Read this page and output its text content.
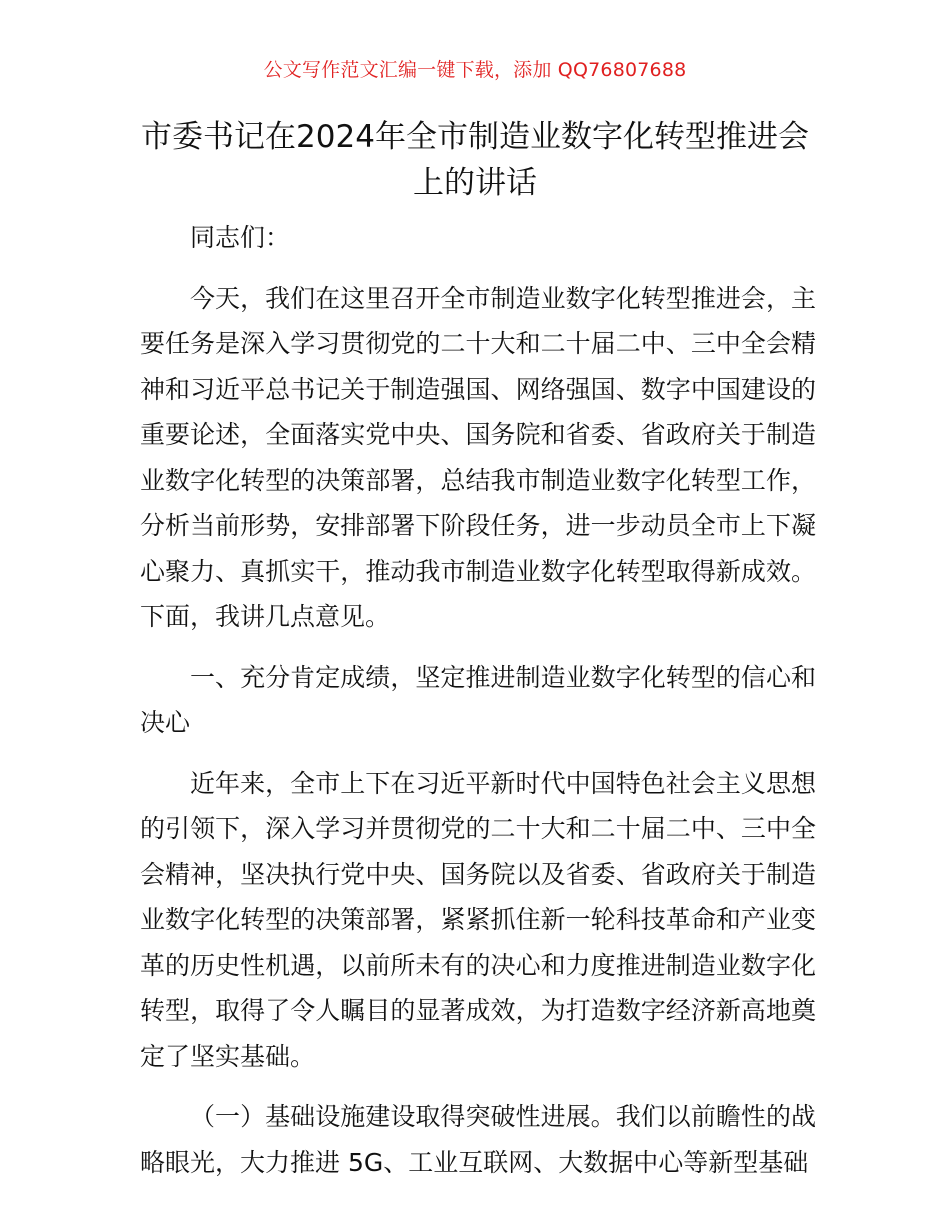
公文写作范文汇编一键下载，添加 QQ76807688
市委书记在2024年全市制造业数字化转型推进会上的讲话

同志们：

今天，我们在这里召开全市制造业数字化转型推进会，主要任务是深入学习贯彻党的二十大和二十届二中、三中全会精神和习近平总书记关于制造强国、网络强国、数字中国建设的重要论述，全面落实党中央、国务院和省委、省政府关于制造业数字化转型的决策部署，总结我市制造业数字化转型工作，分析当前形势，安排部署下阶段任务，进一步动员全市上下凝心聚力、真抓实干，推动我市制造业数字化转型取得新成效。下面，我讲几点意见。

一、充分肯定成绩，坚定推进制造业数字化转型的信心和决心

近年来，全市上下在习近平新时代中国特色社会主义思想的引领下，深入学习并贯彻党的二十大和二十届二中、三中全会精神，坚决执行党中央、国务院以及省委、省政府关于制造业数字化转型的决策部署，紧紧抓住新一轮科技革命和产业变革的历史性机遇，以前所未有的决心和力度推进制造业数字化转型，取得了令人瞩目的显著成效，为打造数字经济新高地奠定了坚实基础。

（一）基础设施建设取得突破性进展。我们以前瞻性的战略眼光，大力推进 5G、工业互联网、大数据中心等新型基础
